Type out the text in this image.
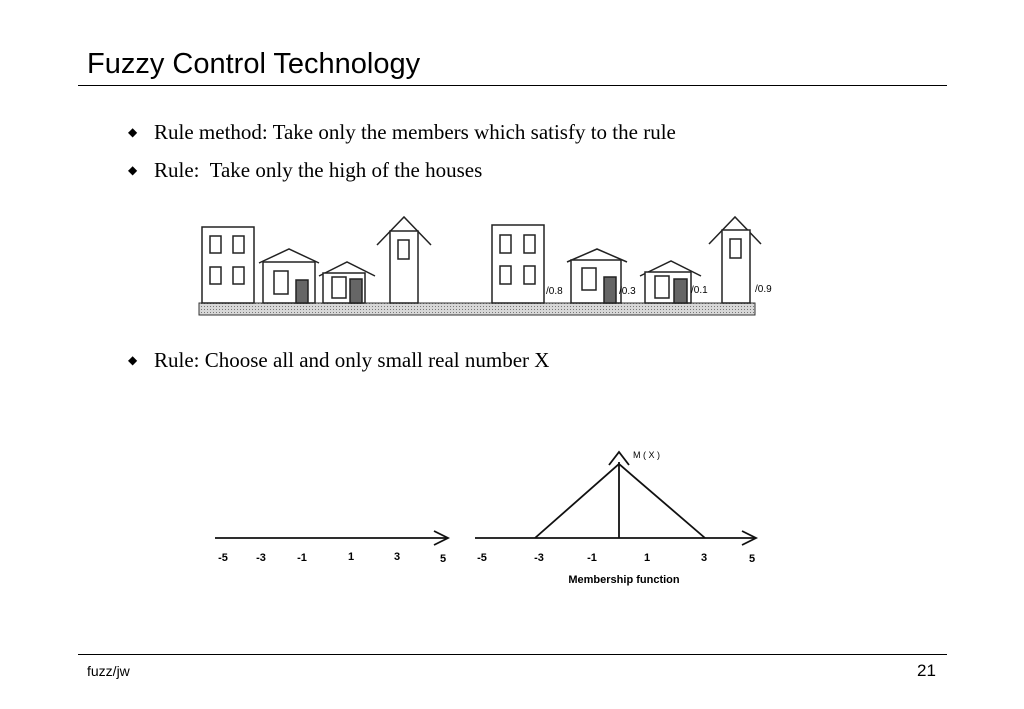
Fuzzy Control Technology
◆ Rule method: Take only the members which satisfy to the rule
◆ Rule:  Take only the high of the houses
/0.8	/0.3	/0.1	/0.9
◆ Rule: Choose all and only small real number X
-5	-3	-1	1	3	5	-5	-3	-1	1	3	5
M ( X )
Membership function
fuzz/jw	21
